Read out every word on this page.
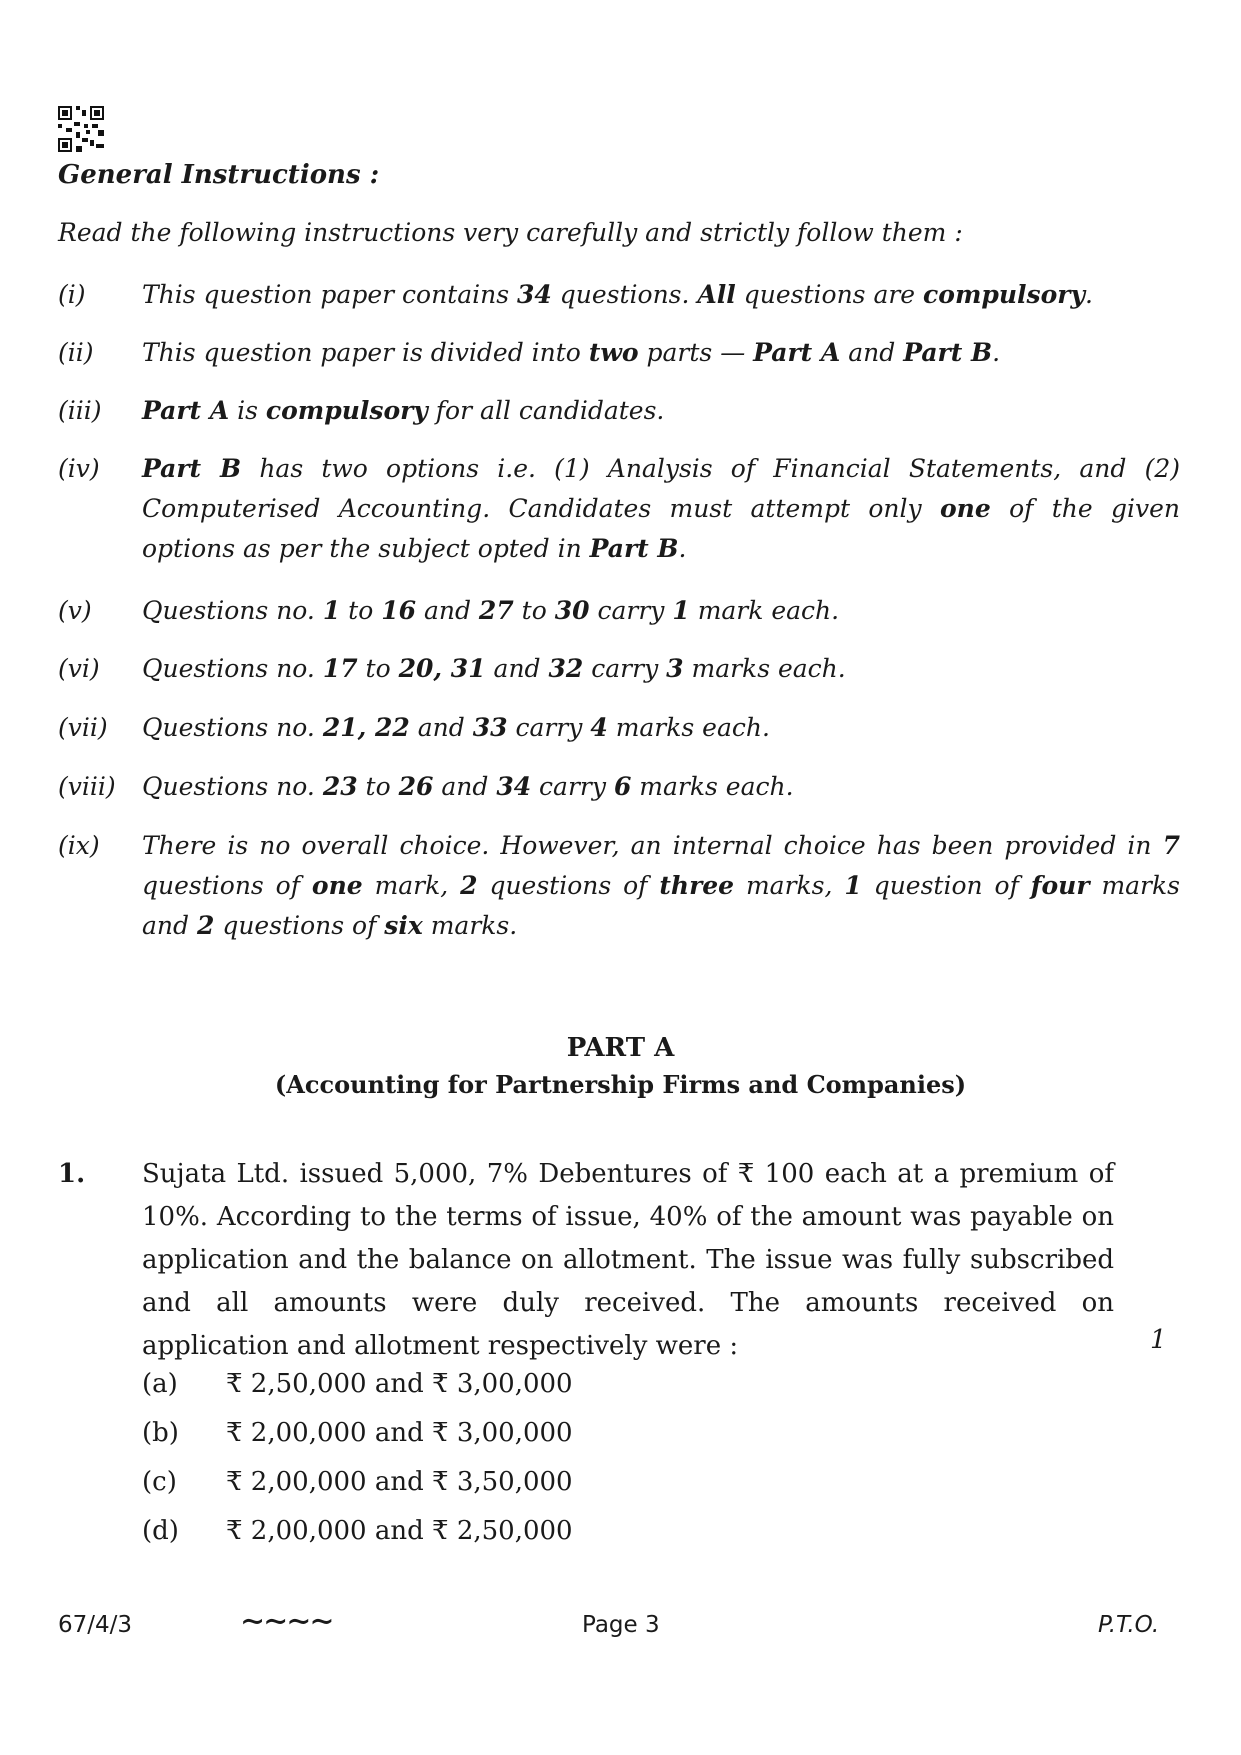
General Instructions :
Read the following instructions very carefully and strictly follow them :
(i)	This question paper contains 34 questions. All questions are compulsory.
(ii)	This question paper is divided into two parts — Part A and Part B.
(iii)	Part A is compulsory for all candidates.
(iv)	Part B has two options i.e. (1) Analysis of Financial Statements, and (2) Computerised Accounting. Candidates must attempt only one of the given options as per the subject opted in Part B.
(v)	Questions no. 1 to 16 and 27 to 30 carry 1 mark each.
(vi)	Questions no. 17 to 20, 31 and 32 carry 3 marks each.
(vii)	Questions no. 21, 22 and 33 carry 4 marks each.
(viii)	Questions no. 23 to 26 and 34 carry 6 marks each.
(ix)	There is no overall choice. However, an internal choice has been provided in 7 questions of one mark, 2 questions of three marks, 1 question of four marks and 2 questions of six marks.
PART A
(Accounting for Partnership Firms and Companies)
1. Sujata Ltd. issued 5,000, 7% Debentures of ₹ 100 each at a premium of 10%. According to the terms of issue, 40% of the amount was payable on application and the balance on allotment. The issue was fully subscribed and all amounts were duly received. The amounts received on application and allotment respectively were :	1
(a) ₹ 2,50,000 and ₹ 3,00,000
(b) ₹ 2,00,000 and ₹ 3,00,000
(c) ₹ 2,00,000 and ₹ 3,50,000
(d) ₹ 2,00,000 and ₹ 2,50,000
67/4/3	∼∼∼∼	Page 3	P.T.O.
